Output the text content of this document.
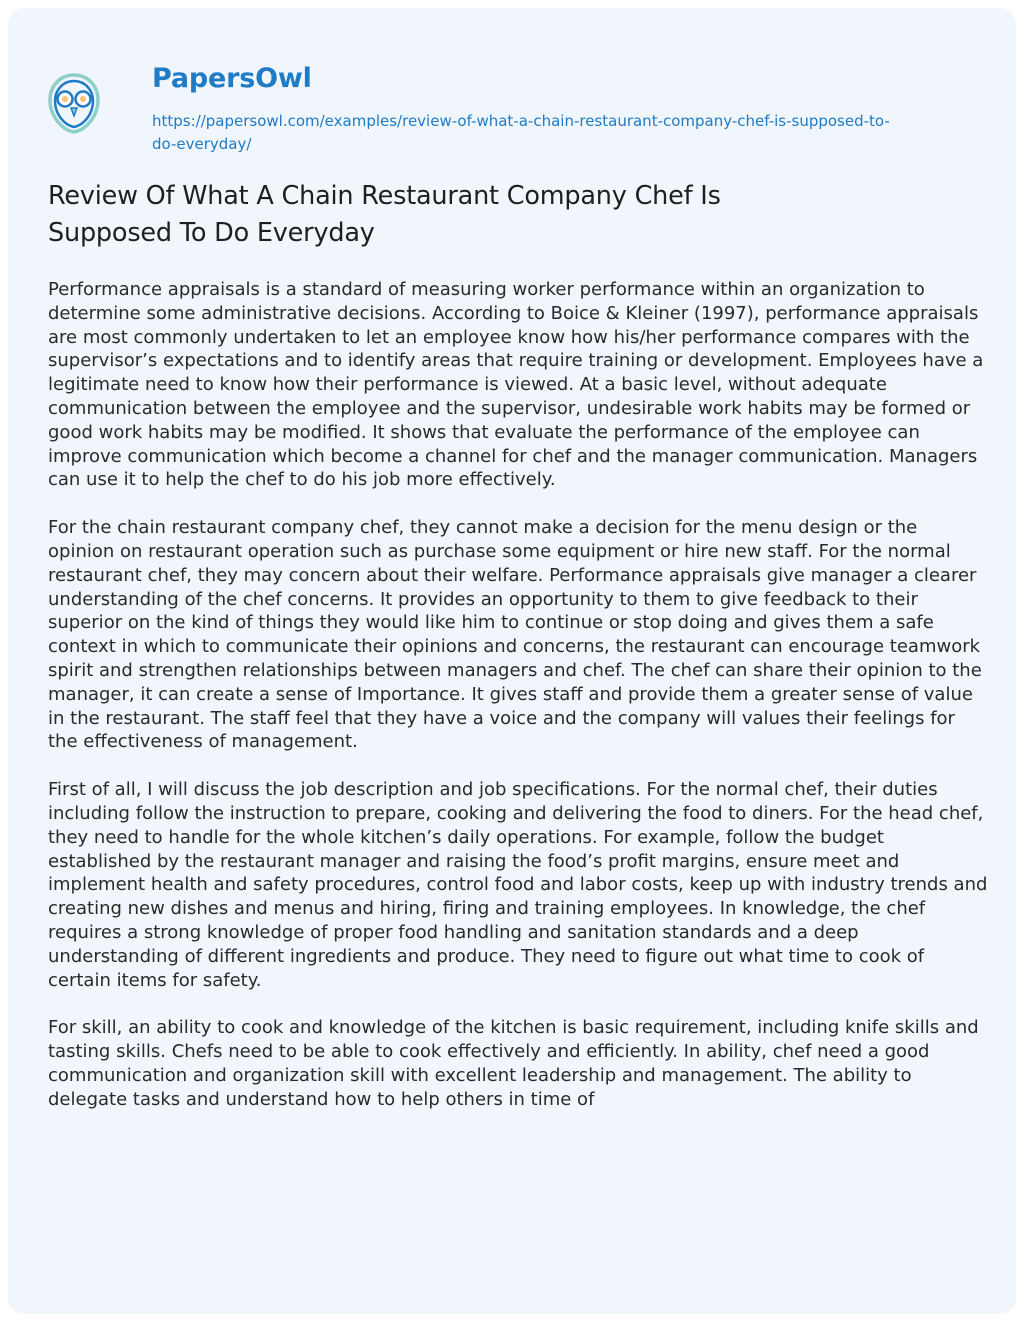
PapersOwl

https://papersowl.com/examples/review-of-what-a-chain-restaurant-company-chef-is-supposed-to-do-everyday/

Review Of What A Chain Restaurant Company Chef Is Supposed To Do Everyday

Performance appraisals is a standard of measuring worker performance within an organization to determine some administrative decisions. According to Boice & Kleiner (1997), performance appraisals are most commonly undertaken to let an employee know how his/her performance compares with the supervisor’s expectations and to identify areas that require training or development. Employees have a legitimate need to know how their performance is viewed. At a basic level, without adequate communication between the employee and the supervisor, undesirable work habits may be formed or good work habits may be modified. It shows that evaluate the performance of the employee can improve communication which become a channel for chef and the manager communication. Managers can use it to help the chef to do his job more effectively.

For the chain restaurant company chef, they cannot make a decision for the menu design or the opinion on restaurant operation such as purchase some equipment or hire new staff. For the normal restaurant chef, they may concern about their welfare. Performance appraisals give manager a clearer understanding of the chef concerns. It provides an opportunity to them to give feedback to their superior on the kind of things they would like him to continue or stop doing and gives them a safe context in which to communicate their opinions and concerns, the restaurant can encourage teamwork spirit and strengthen relationships between managers and chef. The chef can share their opinion to the manager, it can create a sense of Importance. It gives staff and provide them a greater sense of value in the restaurant. The staff feel that they have a voice and the company will values their feelings for the effectiveness of management.

First of all, I will discuss the job description and job specifications. For the normal chef, their duties including follow the instruction to prepare, cooking and delivering the food to diners. For the head chef, they need to handle for the whole kitchen’s daily operations. For example, follow the budget established by the restaurant manager and raising the food’s profit margins, ensure meet and implement health and safety procedures, control food and labor costs, keep up with industry trends and creating new dishes and menus and hiring, firing and training employees. In knowledge, the chef requires a strong knowledge of proper food handling and sanitation standards and a deep understanding of different ingredients and produce. They need to figure out what time to cook of certain items for safety.

For skill, an ability to cook and knowledge of the kitchen is basic requirement, including knife skills and tasting skills. Chefs need to be able to cook effectively and efficiently. In ability, chef need a good communication and organization skill with excellent leadership and management. The ability to delegate tasks and understand how to help others in time of
